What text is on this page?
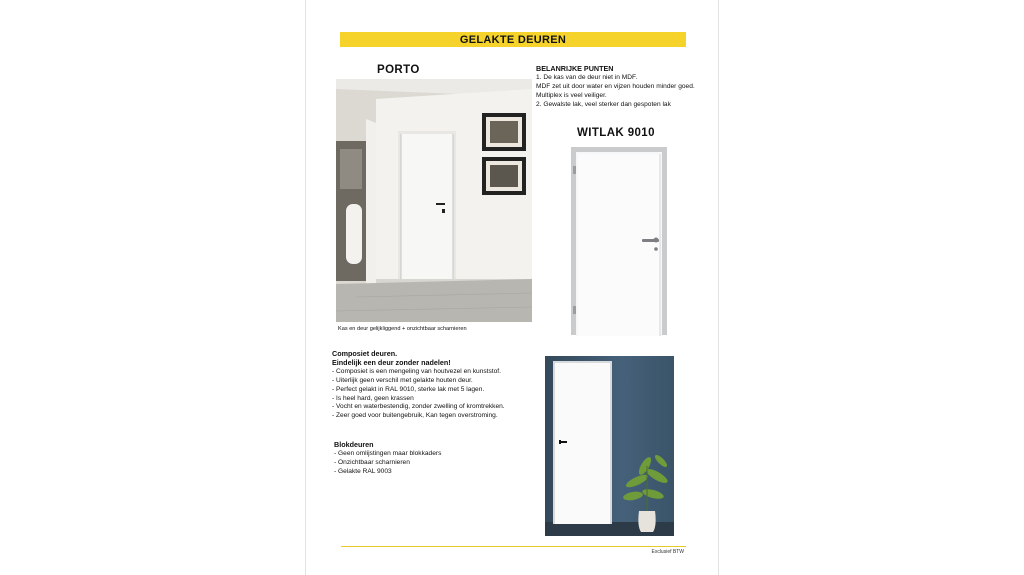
GELAKTE DEUREN
PORTO
Kas en deur gelijkliggend + onzichtbaar scharnieren
BELANRIJKE PUNTEN
1. De kas van de deur niet in MDF.
MDF zet uit door water en vijzen houden minder goed.
Multiplex is veel veiliger.
2. Gewalste lak, veel sterker dan gespoten lak
WITLAK 9010
Composiet deuren.
Eindelijk een deur zonder nadelen!
- Composiet is een mengeling van houtvezel en kunststof.
- Uiterlijk geen verschil met gelakte houten deur.
- Perfect gelakt in RAL 9010, sterke lak met 5 lagen.
- Is heel hard, geen krassen
- Vocht en waterbestendig, zonder zwelling of kromtrekken.
- Zeer goed voor buitengebruik, Kan tegen overstroming.
Blokdeuren
- Geen omlijstingen maar blokkaders
- Onzichtbaar scharnieren
- Gelakte RAL 9003
Exclusief BTW
